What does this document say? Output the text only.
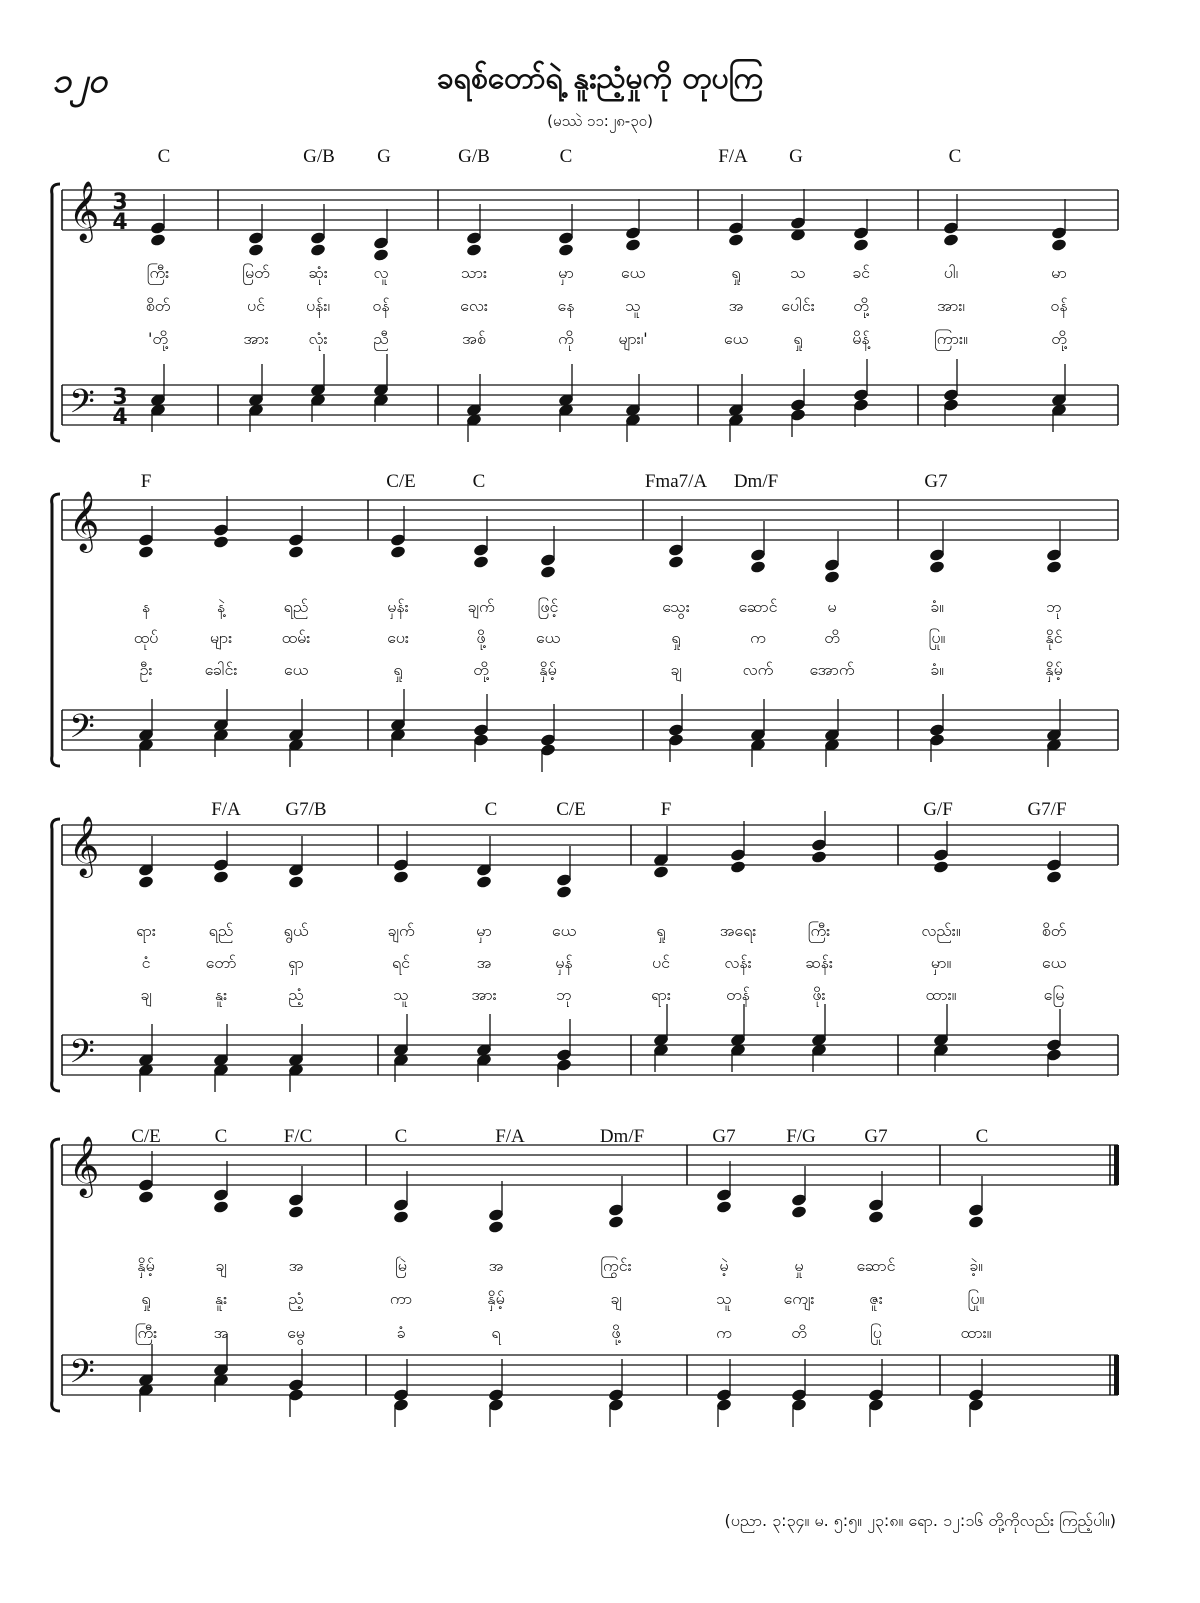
၁၂၀	ခရစ်တော်ရဲ့ နူးညံ့မှုကို တုပကြ
(မဿဲ ၁၁:၂၈-၃၀)
𝄞 3
4
𝄢 3
4
C	G/B G	G/B	C	F/A G	C
ကြီး	မြတ် ဆုံး	လူ	သား	မှာ	ယေ	ရှု	သ	ခင်	ပါ၊	မာ
စိတ်	ပင်	ပန်း၊	ဝန်	လေး	နေ	သူ	အ ပေါင်း တို့	အား၊	ဝန်
'တို့	အား လုံး	ညီ	အစ်	ကို	များ၊'	ယေ	ရှု	မိန့်	ကြား။	တို့
𝄞
𝄢
F	C/E	C	Fma7/A Dm/F	G7
န	နဲ့	ရည်	မှန်း	ချက်	ဖြင့်	သွေး	ဆောင်	မ	ခံ။	ဘု
ထုပ်	များ	ထမ်း	ပေး	ဖို့	ယေ	ရှု	က	တိ	ပြု။	နိုင်
ဦး	ခေါင်း	ယေ	ရှု	တို့	နှိမ့်	ချ	လက် အောက်	ခံ။	နှိမ့်
𝄞
𝄢
F/A G7/B	C	C/E	F	G/F	G7/F
ရား	ရည်	ရွယ်	ချက်	မှာ	ယေ	ရှု	အရေး	ကြီး	လည်း။	စိတ်
ငံ	တော်	ရှာ	ရင်	အ	မှန်	ပင်	လန်း	ဆန်း	မှာ။	ယေ
ချ	နူး	ညံ့	သူ	အား	ဘု	ရား	တန်	ဖိုး	ထား။	မြေ
𝄞
𝄢
C/E	C	F/C	C	F/A	Dm/F	G7	F/G	G7	C
နှိမ့်	ချ	အ	မြဲ	အ	ကြွင်း	မဲ့	မှု	ဆောင်	ခဲ့။
ရှု	နူး	ညံ့	ကာ	နှိမ့်	ချ	သူ	ကျေး	ဇူး	ပြု။
ကြီး	အ	မွေ	ခံ	ရ	ဖို့	က	တိ	ပြု	ထား။
(ပညာ. ၃:၃၄။ မ. ၅:၅။ ၂၃:၈။ ရော. ၁၂:၁၆ တို့ကိုလည်း ကြည့်ပါ။)
